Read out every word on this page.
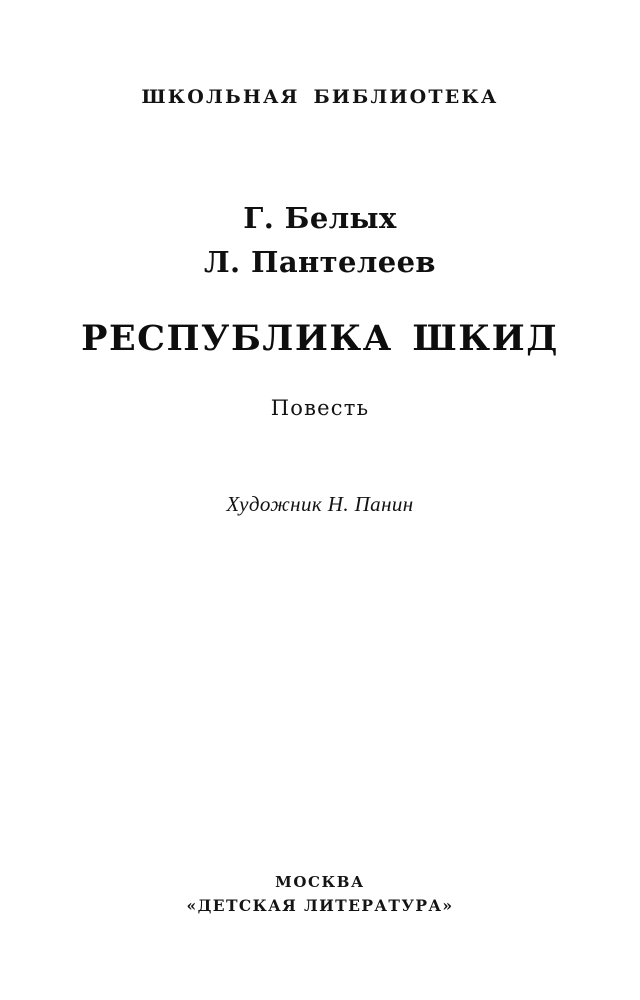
ШКОЛЬНАЯ БИБЛИОТЕКА
Г. Белых
Л. Пантелеев
РЕСПУБЛИКА ШКИД
Повесть
Художник Н. Панин
МОСКВА
«ДЕТСКАЯ ЛИТЕРАТУРА»
